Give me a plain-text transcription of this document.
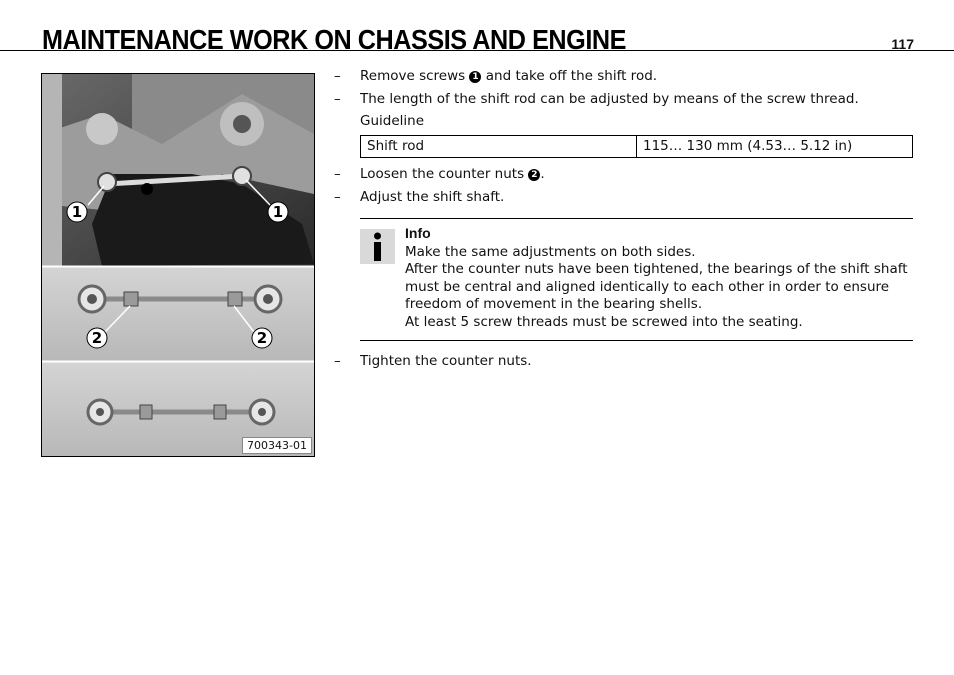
MAINTENANCE WORK ON CHASSIS AND ENGINE	117
1	1
2	2
700343-01
– Remove screws 1 and take off the shift rod.
– The length of the shift rod can be adjusted by means of the screw thread.
Guideline
Shift rod	115… 130 mm (4.53… 5.12 in)
– Loosen the counter nuts 2 .
– Adjust the shift shaft.
Info

Make the same adjustments on both sides.

After the counter nuts have been tightened, the bearings of the shift shaft must be central and aligned identically to each other in order to ensure freedom of movement in the bearing shells.

At least 5 screw threads must be screwed into the seating.

– Tighten the counter nuts.
